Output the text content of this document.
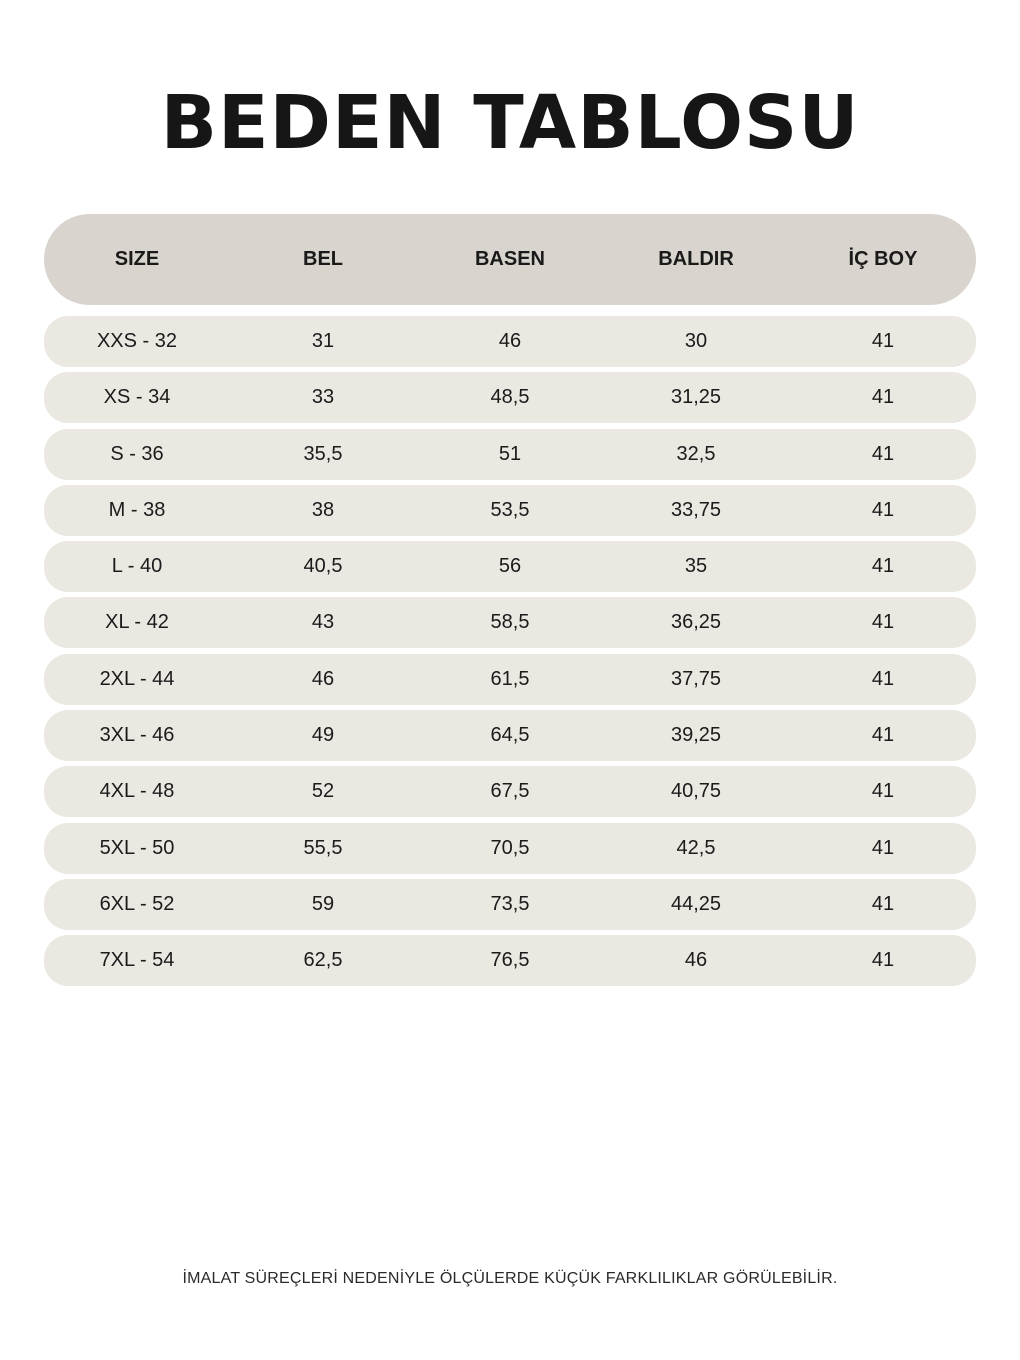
BEDEN TABLOSU
SIZE	BEL	BASEN	BALDIR	İÇ BOY
XXS - 32	31	46	30	41
XS - 34	33	48,5	31,25	41
S - 36	35,5	51	32,5	41
M - 38	38	53,5	33,75	41
L - 40	40,5	56	35	41
XL - 42	43	58,5	36,25	41
2XL - 44	46	61,5	37,75	41
3XL - 46	49	64,5	39,25	41
4XL - 48	52	67,5	40,75	41
5XL - 50	55,5	70,5	42,5	41
6XL - 52	59	73,5	44,25	41
7XL - 54	62,5	76,5	46	41
İMALAT SÜREÇLERİ NEDENİYLE ÖLÇÜLERDE KÜÇÜK FARKLILIKLAR GÖRÜLEBİLİR.
